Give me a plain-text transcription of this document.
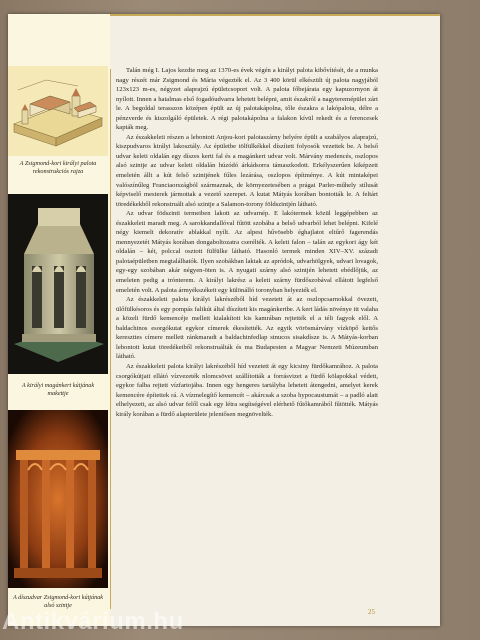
A Zsigmond-kori királyi palota rekonstrukciós rajza
A királyi magánkert kútjának makettje
A díszudvar Zsigmond-kori kútjának alsó szintje

Talán még I. Lajos kezdte meg az 1370-es évek végén a királyi palota kibővítését, de a munka nagy részét már Zsigmond és Mária végezték el. Az 3 400 körül elkészült új palota nagyjából 123x123 m-es, négyzet alaprajzú épületcsoport volt. A palota főbejárata egy kapuzornyon át nyílott. Innen a hatalmas első fogadóudvarra lehetett belépni, amit északról a nagyteremépület zárt le. A begoldal terasszon középen épült az új palotakápolna, tőle északra a lakópalota, délre a pénzverde és kiszolgáló épületek. A régi palotakápolna a falakon kívül rekedt és a ferencesek kapták meg.

Az északkeleti részen a lebontott Anjou-kori palotaszárny helyére épült a szabályos alaprajzú, kiszpudvaros királyi lakosztály. Az épületbe tölfülkékkel díszített folyosók vezettek be. A belső udvar keleti oldalán egy díszes kerti fal és a magánkert udvar volt. Márvány medencés, oszlopos alsó szintje az udvar keleti oldalán húzódó árkádsorra támaszkodott. Erkélyszerűen kiképzett emeletén állt a kút felső szintjének fűles lezárása, oszlopos építménye. A kút mintaképei valószínűleg Franciaországból származnak, de környezetesében a prágai Parler-műhely stílusát képviselő mesterek jármottak a vezető szerepet. A kutat Mátyás korában bontották le. A feltárt töredékekből rekonstruált alsó szintje a Salamon-torony földszintjén látható.

Az udvar födszinti termeiben lakott az udvarnép. E lakótermek közül leggépebben az északkeleti maradt meg. A sarokkandallóval fűtött szobába a belső udvarból lehet belépni. Kifelé négy kiemelt dekoratív ablakkal nyílt. Az alpesi hűvösebb éghajlatot eltűrő fagerendás mennyezetét Mátyás korában dongaboltozatra cserélték. A keleti falon – talán az egykori ágy két oldalán – két, polccal osztott fülfülke látható. Hasonló termek minden XIV–XV. századi palotaépületben megtalálhatók. Ilyen szobákban laktak az apródok, udvarhölgyek, udvari lovagok, egy-egy szobában akár négyen-öten is. A nyugati szárny alsó szintjén lehetett ebédlőjük, az emeleten pedig a trónterem. A királyi lakrész a keleti szárny fürdőszobával ellátott legfelső emeletén volt. A palota ármyékszékeit egy különálló toronyban helyezték el.

Az északkeleti palota királyi lakrészéből híd vezetett át az oszlopcsarnokkal övezett, ülőfülkésoros és egy pompás falikút által díszített kis magánkertbe. A kert ládás növénye itt valaha a közeli fürdő kemencéje mellett kialakított kis kamrában rejtették el a téli fagyok elől. A baldachinos esorgókutat egykor címerek ékesítették. Az egyik vörösmárvány vízköpő kettős kereszttes címere mellett ránkmaradt a baldachinfedlap stnucos sisakdísze is. A Mátyás-korban lebontott kutat töredékeiből rekonstruálták és ma Budapesten a Magyar Nemzeti Múzeumban látható.

Az északkeleti palota királyi lakrészéből híd vezetett át egy kicsiny fürdőkamrához. A palota csorgókútjait ellátó vízvezeték nlomcsövei szállították a forrásvizet a fürdő kölapokkal védett, egykor falba rejtett vízfartojába. Innen egy hengeres tartályba lehetett átengedni, amelyet kerek kemencére építettek rá. A vízmelegítő kemencét – akárcsak a szoba hypocaustumát – a padló alatt elhelyezett, az alsó udvar felől csak egy létra segítségével elérhető fűtőkamrából fűtötték. Mátyás király korában a fürdő alapterülete jelentősen megnövelték.

25
Antikvárium.hu
